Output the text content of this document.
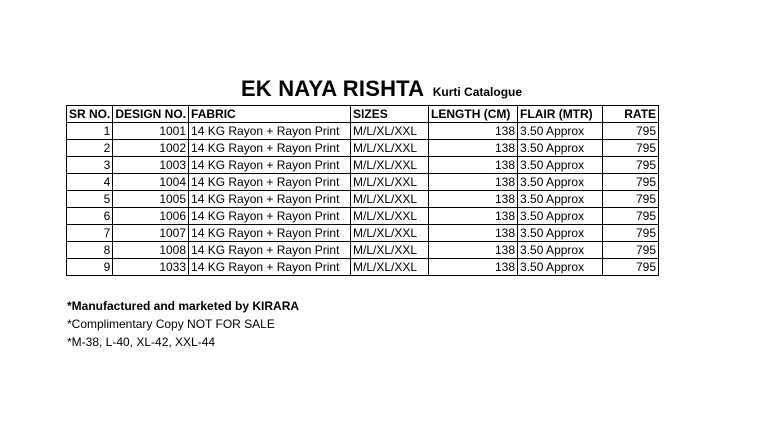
EK NAYA RISHTA Kurti Catalogue
SR NO.	DESIGN NO.	FABRIC	SIZES	LENGTH (CM)	FLAIR (MTR)	RATE
1	1001	14 KG Rayon + Rayon Print	M/L/XL/XXL	138	3.50 Approx	795
2	1002	14 KG Rayon + Rayon Print	M/L/XL/XXL	138	3.50 Approx	795
3	1003	14 KG Rayon + Rayon Print	M/L/XL/XXL	138	3.50 Approx	795
4	1004	14 KG Rayon + Rayon Print	M/L/XL/XXL	138	3.50 Approx	795
5	1005	14 KG Rayon + Rayon Print	M/L/XL/XXL	138	3.50 Approx	795
6	1006	14 KG Rayon + Rayon Print	M/L/XL/XXL	138	3.50 Approx	795
7	1007	14 KG Rayon + Rayon Print	M/L/XL/XXL	138	3.50 Approx	795
8	1008	14 KG Rayon + Rayon Print	M/L/XL/XXL	138	3.50 Approx	795
9	1033	14 KG Rayon + Rayon Print	M/L/XL/XXL	138	3.50 Approx	795
*Manufactured and marketed by KIRARA
*Complimentary Copy NOT FOR SALE
*M-38, L-40, XL-42, XXL-44
